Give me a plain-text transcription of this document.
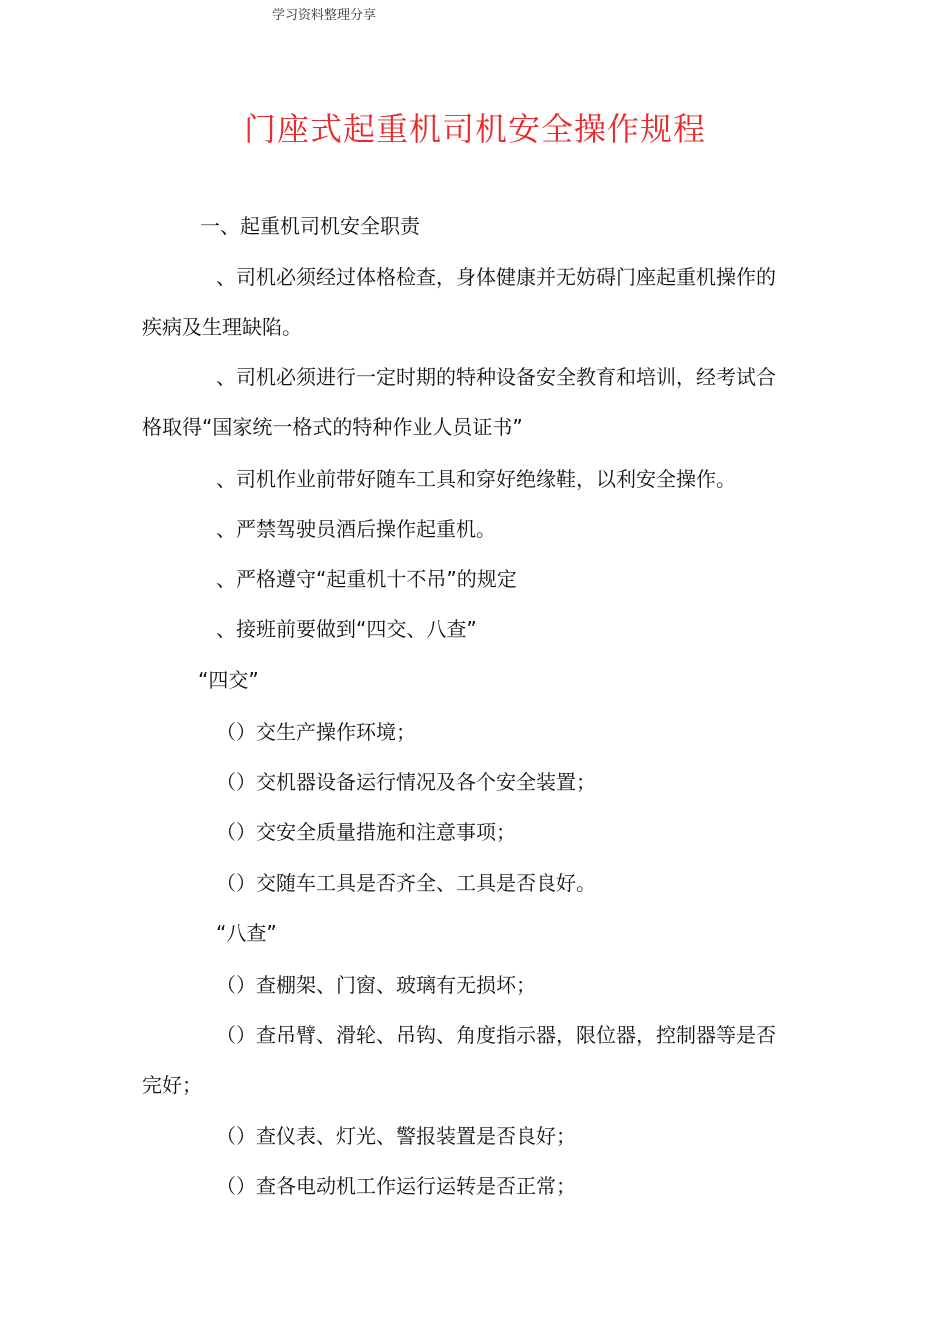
学习资料整理分享
门座式起重机司机安全操作规程
一、起重机司机安全职责
、司机必须经过体格检查，身体健康并无妨碍门座起重机操作的疾病及生理缺陷。
、司机必须进行一定时期的特种设备安全教育和培训，经考试合格取得“国家统一格式的特种作业人员证书”
、司机作业前带好随车工具和穿好绝缘鞋，以利安全操作。
、严禁驾驶员酒后操作起重机。
、严格遵守“起重机十不吊”的规定
、接班前要做到“四交、八查”
“四交”
（）交生产操作环境；
（）交机器设备运行情况及各个安全装置；
（）交安全质量措施和注意事项；
（）交随车工具是否齐全、工具是否良好。
“八查”
（）查棚架、门窗、玻璃有无损坏；
（）查吊臂、滑轮、吊钩、角度指示器，限位器，控制器等是否完好；
（）查仪表、灯光、警报装置是否良好；
（）查各电动机工作运行运转是否正常；
